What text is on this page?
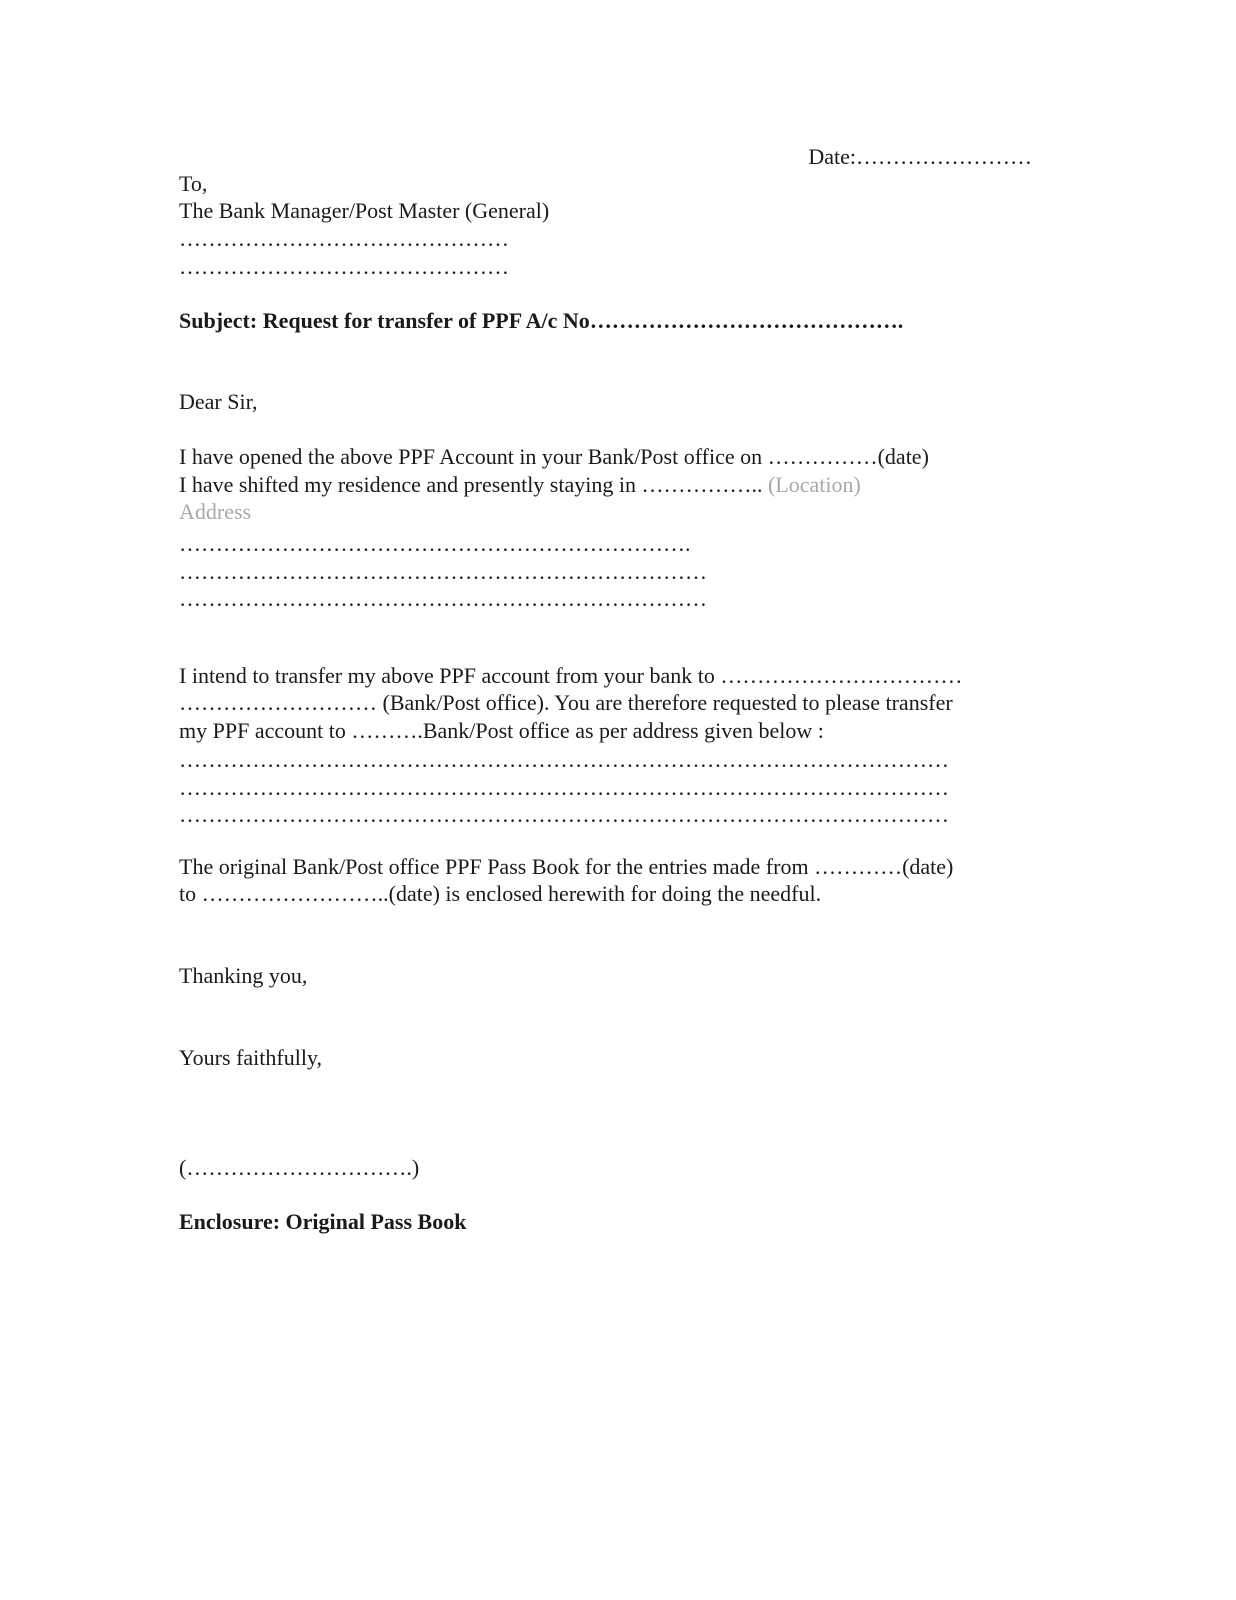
Date:……………………
To,
The Bank Manager/Post Master (General)
………………………………………
………………………………………
Subject: Request for transfer of PPF A/c No…………………………………….
Dear Sir,
I have opened the above PPF Account in your Bank/Post office on ……………(date)
I have shifted my residence and presently staying in …………….. (Location)
Address
…………………………………………………………….
………………………………………………………………
………………………………………………………………
I intend to transfer my above PPF account from your bank to ……………………………
……………………… (Bank/Post office). You are therefore requested to please transfer
my PPF account to ……….Bank/Post office as per address given below :
……………………………………………………………………………………………
……………………………………………………………………………………………
……………………………………………………………………………………………
The original Bank/Post office PPF Pass Book for the entries made from …………(date)
to ……………………..(date) is enclosed herewith for doing the needful.
Thanking you,
Yours faithfully,
(………………………….)
Enclosure: Original Pass Book
